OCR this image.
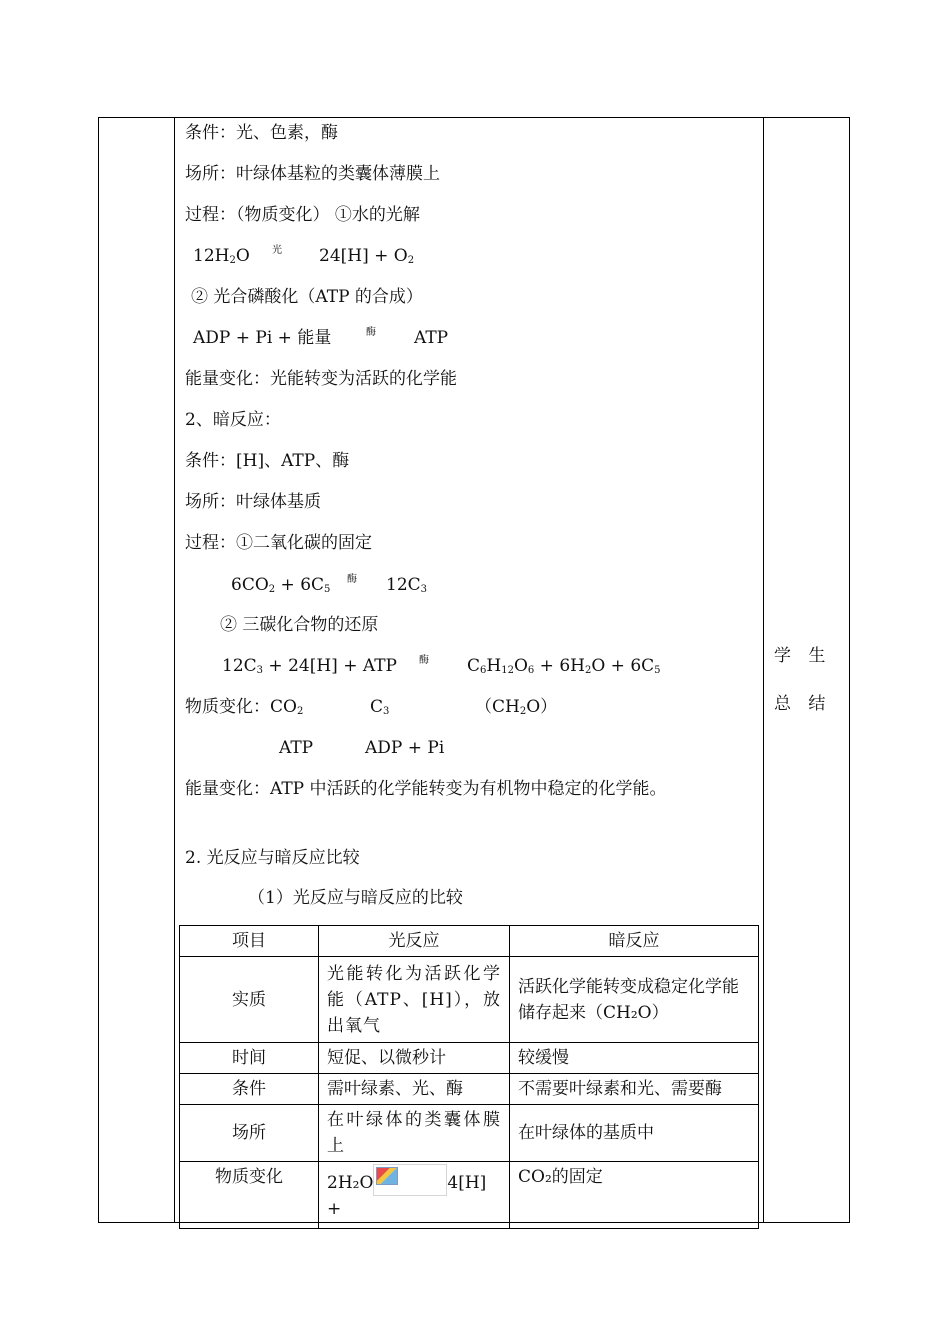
条件：光、色素，酶
场所：叶绿体基粒的类囊体薄膜上
过程：（物质变化） ①水的光解
$12H_2O$ 光 $24[H] + O_2$
② 光合磷酸化（ATP 的合成）
ADP + Pi + 能量	酶 ATP
能量变化：光能转变为活跃的化学能
2、暗反应：
条件：[H]、ATP、酶
场所：叶绿体基质
过程：①二氧化碳的固定
$6CO_2 + 6C_5$
酶 $12C_3$
② 三碳化合物的还原
$12C_3 + 24[H]$ + ATP 酶 $C_6H_{12}O_6 + 6H_2O + 6C_5$
物质变化：$CO_2$	$C_3$	$(CH_2O)$
ATP	ADP + Pi
能量变化：ATP 中活跃的化学能转变为有机物中稳定的化学能。
2. 光反应与暗反应比较
（1）光反应与暗反应的比较
学 生 总 结
项目	光反应	暗反应
实质	光能转化为活跃化学能（ATP、[H]），放出氧气	活跃化学能转变成稳定化学能储存起来（CH₂O）
时间	短促、以微秒计	较缓慢
条件	需叶绿素、光、酶	不需要叶绿素和光、需要酶
场所	在叶绿体的类囊体膜上	在叶绿体的基质中
物质变化	2H₂O 4[H] +	CO₂的固定
